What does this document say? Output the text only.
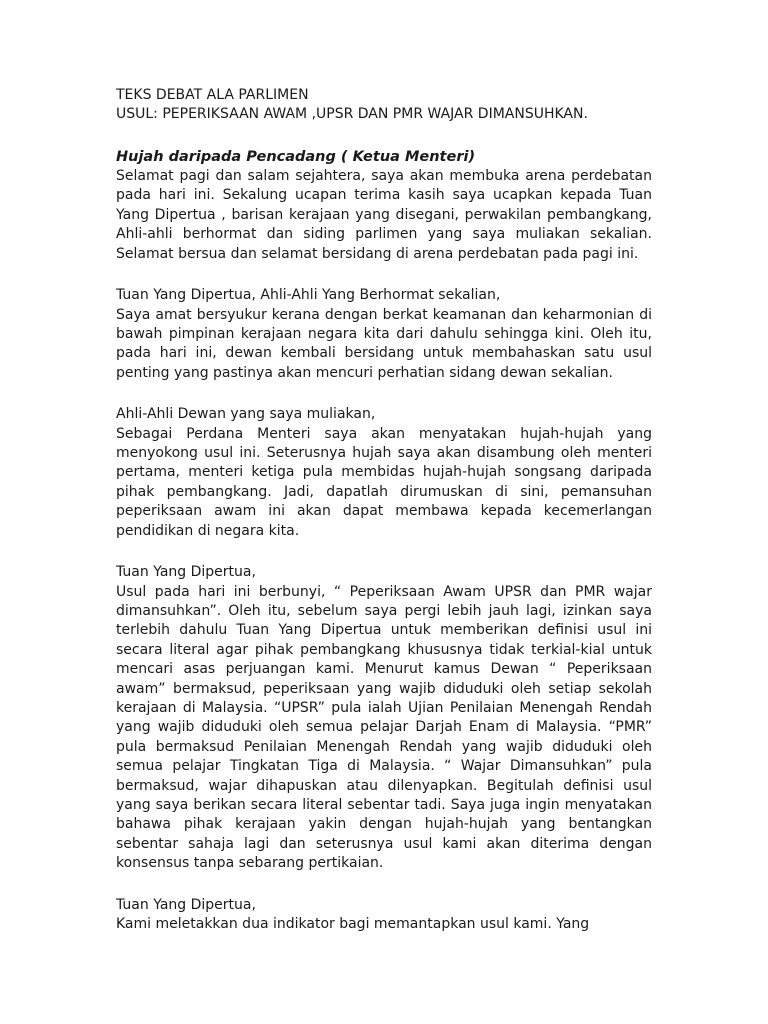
TEKS DEBAT ALA PARLIMEN

USUL: PEPERIKSAAN AWAM ,UPSR DAN PMR WAJAR DIMANSUHKAN.

Hujah daripada Pencadang ( Ketua Menteri)

Selamat pagi dan salam sejahtera, saya akan membuka arena perdebatan pada hari ini. Sekalung ucapan terima kasih saya ucapkan kepada Tuan Yang Dipertua , barisan kerajaan yang disegani, perwakilan pembangkang, Ahli-ahli berhormat dan siding parlimen yang saya muliakan sekalian. Selamat bersua dan selamat bersidang di arena perdebatan pada pagi ini.

Tuan Yang Dipertua, Ahli-Ahli Yang Berhormat sekalian,

Saya amat bersyukur kerana dengan berkat keamanan dan keharmonian di bawah pimpinan kerajaan negara kita dari dahulu sehingga kini. Oleh itu, pada hari ini, dewan kembali bersidang untuk membahaskan satu usul penting yang pastinya akan mencuri perhatian sidang dewan sekalian.

Ahli-Ahli Dewan yang saya muliakan,

Sebagai Perdana Menteri saya akan menyatakan hujah-hujah yang menyokong usul ini. Seterusnya hujah saya akan disambung oleh menteri pertama, menteri ketiga pula membidas hujah-hujah songsang daripada pihak pembangkang. Jadi, dapatlah dirumuskan di sini, pemansuhan peperiksaan awam ini akan dapat membawa kepada kecemerlangan pendidikan di negara kita.

Tuan Yang Dipertua,

Usul pada hari ini berbunyi, “ Peperiksaan Awam UPSR dan PMR wajar dimansuhkan”. Oleh itu, sebelum saya pergi lebih jauh lagi, izinkan saya terlebih dahulu Tuan Yang Dipertua untuk memberikan definisi usul ini secara literal agar pihak pembangkang khususnya tidak terkial-kial untuk mencari asas perjuangan kami. Menurut kamus Dewan “ Peperiksaan awam” bermaksud, peperiksaan yang wajib diduduki oleh setiap sekolah kerajaan di Malaysia. “UPSR” pula ialah Ujian Penilaian Menengah Rendah yang wajib diduduki oleh semua pelajar Darjah Enam di Malaysia. “PMR” pula bermaksud Penilaian Menengah Rendah yang wajib diduduki oleh semua pelajar Tingkatan Tiga di Malaysia. “ Wajar Dimansuhkan” pula bermaksud, wajar dihapuskan atau dilenyapkan. Begitulah definisi usul yang saya berikan secara literal sebentar tadi. Saya juga ingin menyatakan bahawa pihak kerajaan yakin dengan hujah-hujah yang bentangkan sebentar sahaja lagi dan seterusnya usul kami akan diterima dengan konsensus tanpa sebarang pertikaian.

Tuan Yang Dipertua,

Kami meletakkan dua indikator bagi memantapkan usul kami. Yang
